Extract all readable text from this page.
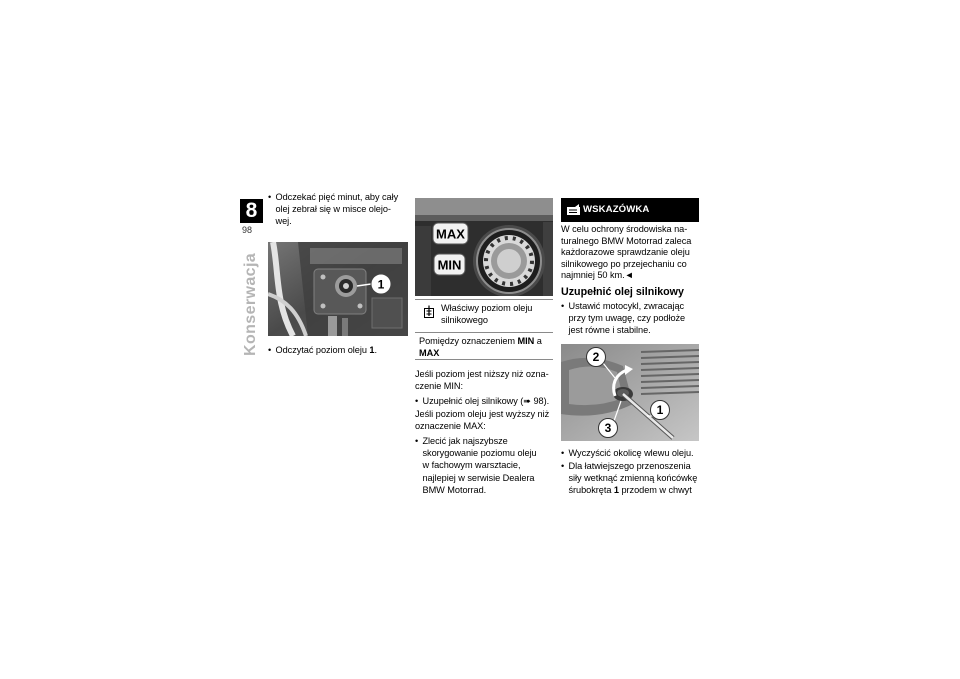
8
98
Konserwacja
• Odczekać pięć minut, aby cały
olej zebrał się w misce olejo-
wej.
1
• Odczytać poziom oleju 1.
MAX
MIN
Właściwy poziom oleju
silnikowego
Pomiędzy oznaczeniem MIN a
MAX
Jeśli poziom jest niższy niż ozna-
czenie MIN:
• Uzupełnić olej silnikowy (➠ 98).
Jeśli poziom oleju jest wyższy niż
oznaczenie MAX:
• Zlecić jak najszybsze
skorygowanie poziomu oleju
w fachowym warsztacie,
najlepiej w serwisie Dealera
BMW Motorrad.
WSKAZÓWKA
W celu ochrony środowiska na-
turalnego BMW Motorrad zaleca
każdorazowe sprawdzanie oleju
silnikowego po przejechaniu co
najmniej 50 km.◄
Uzupełnić olej silnikowy
• Ustawić motocykl, zwracając
przy tym uwagę, czy podłoże
jest równe i stabilne.
2
1
3
• Wyczyścić okolicę wlewu oleju.
• Dla łatwiejszego przenoszenia
siły wetknąć zmienną końcówkę
śrubokręta 1 przodem w chwyt
